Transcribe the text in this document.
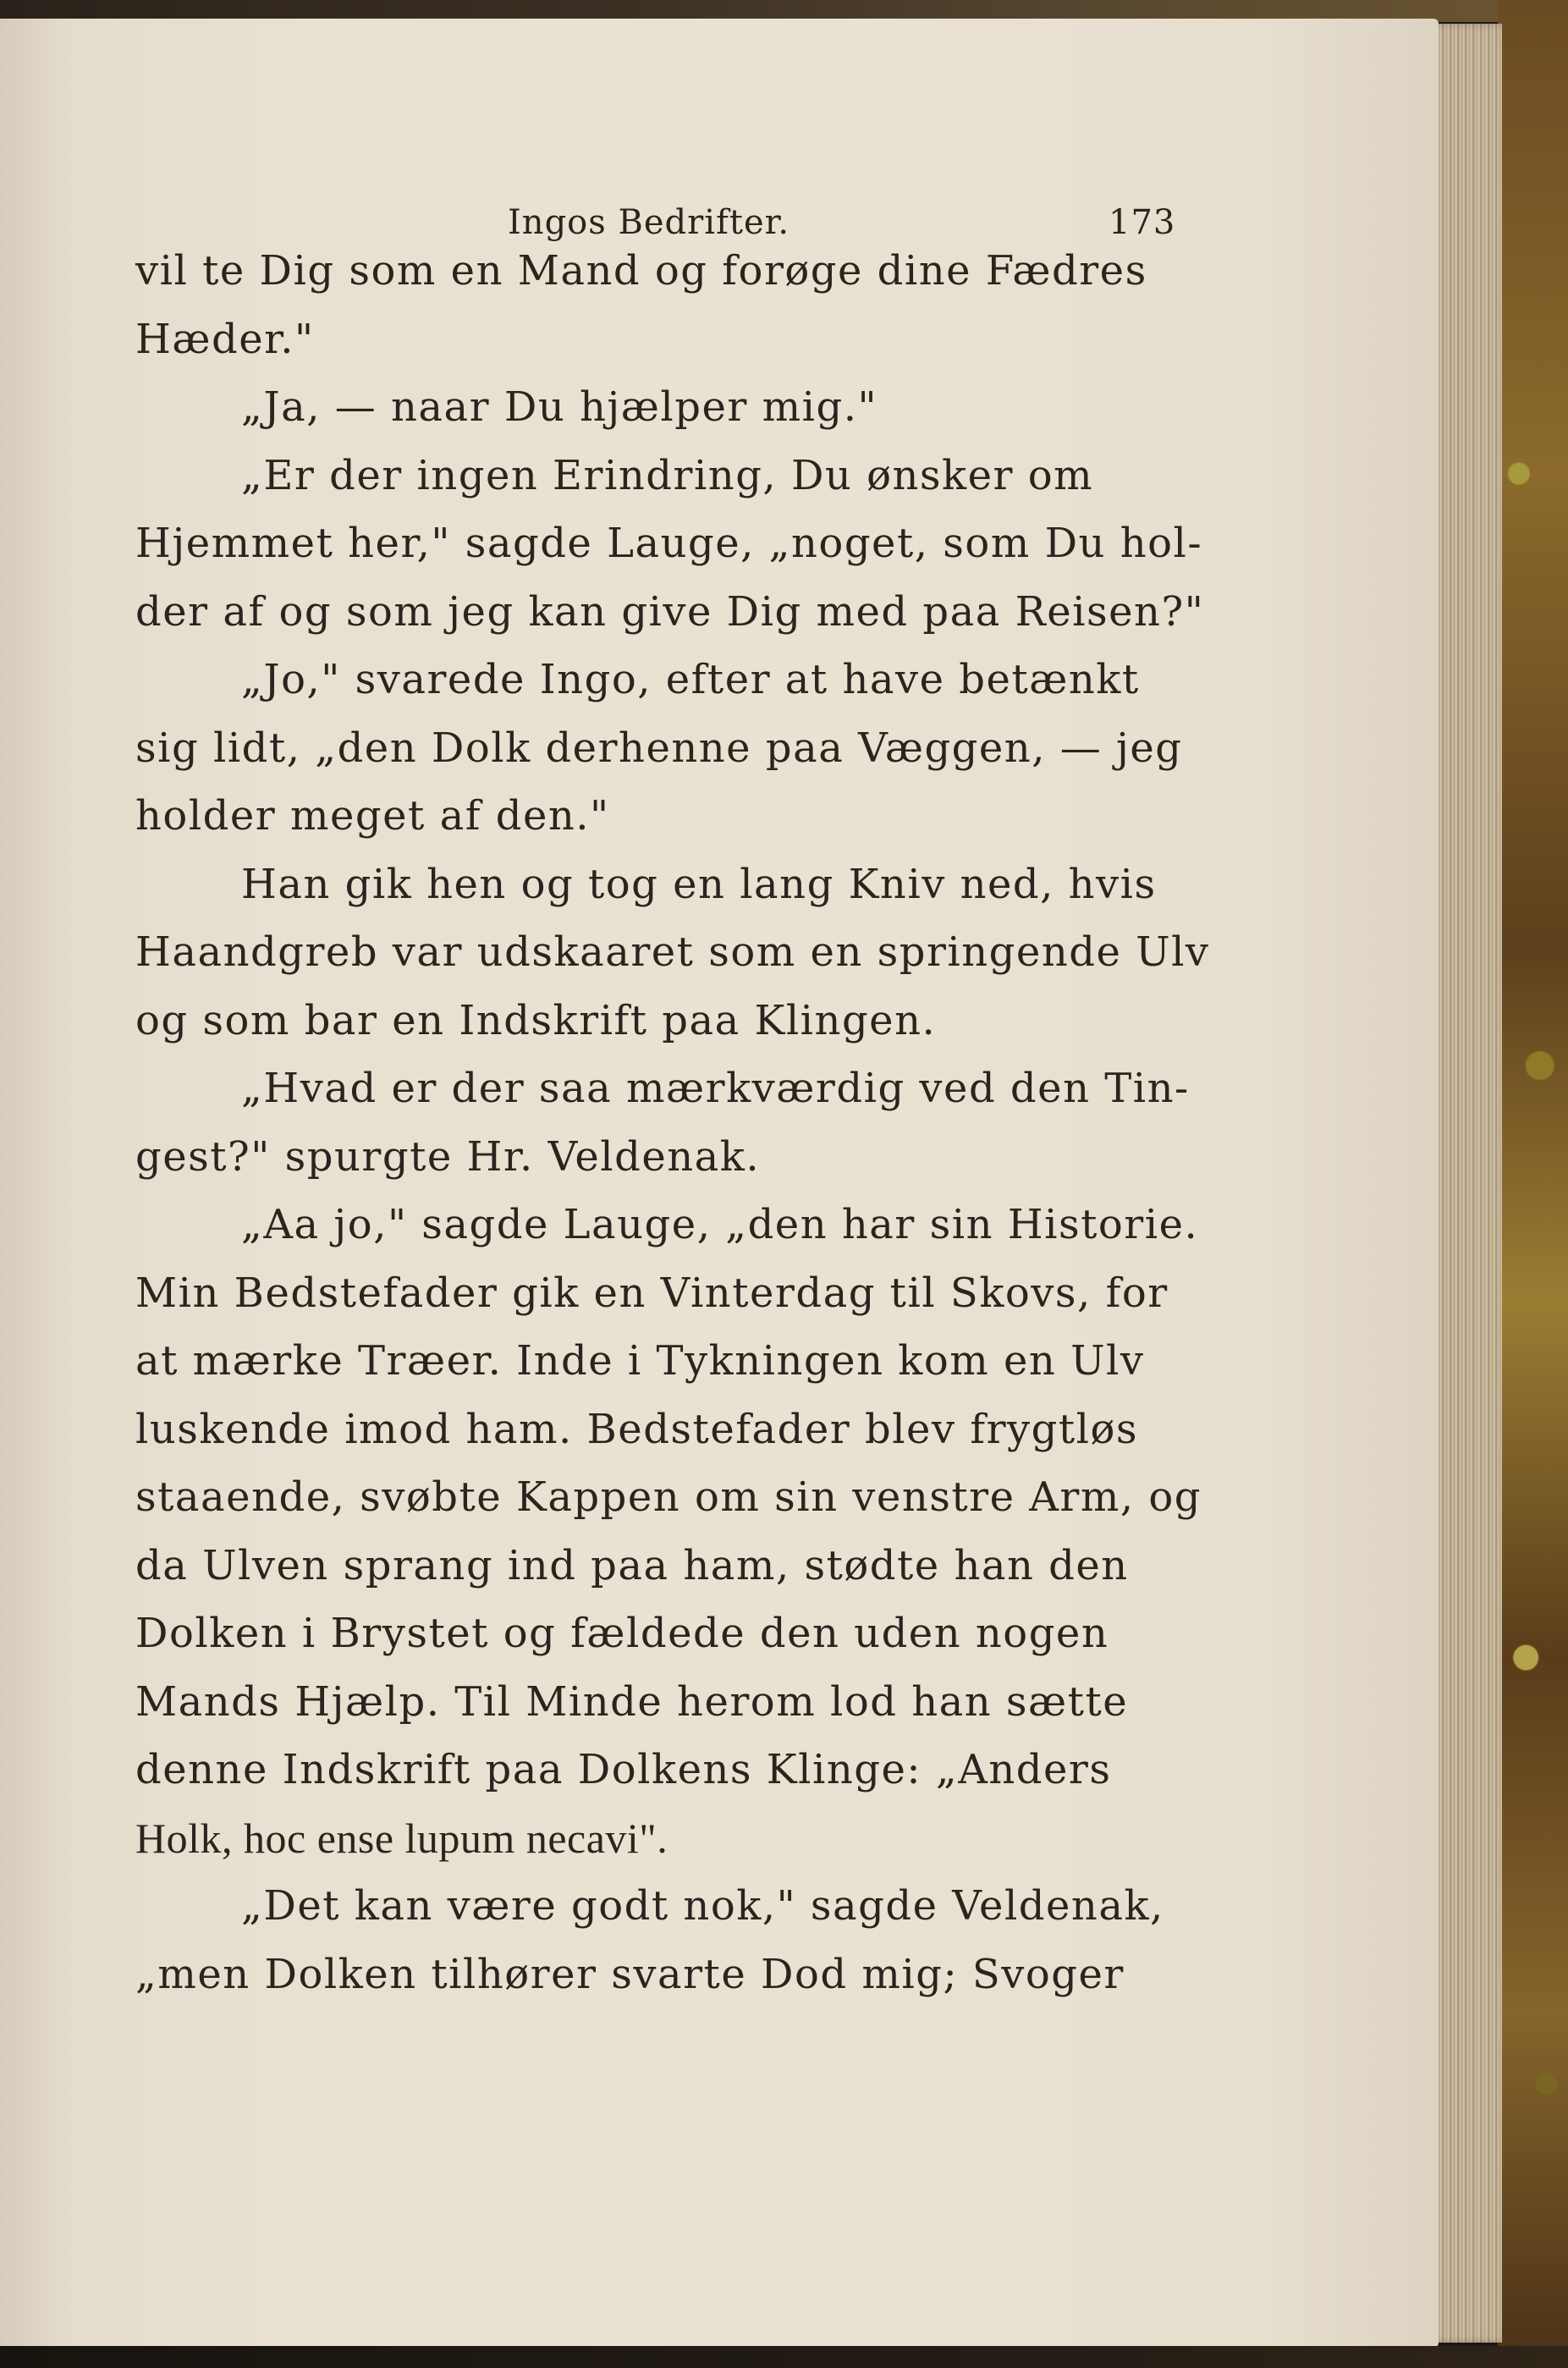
Ingos Bedrifter.	173
vil te Dig som en Mand og forøge dine Fædres
Hæder."
„Ja, — naar Du hjælper mig."
„Er der ingen Erindring, Du ønsker om
Hjemmet her," sagde Lauge, „noget, som Du hol-
der af og som jeg kan give Dig med paa Reisen?"
„Jo," svarede Ingo, efter at have betænkt
sig lidt, „den Dolk derhenne paa Væggen, — jeg
holder meget af den."
Han gik hen og tog en lang Kniv ned, hvis
Haandgreb var udskaaret som en springende Ulv
og som bar en Indskrift paa Klingen.
„Hvad er der saa mærkværdig ved den Tin-
gest?" spurgte Hr. Veldenak.
„Aa jo," sagde Lauge, „den har sin Historie.
Min Bedstefader gik en Vinterdag til Skovs, for
at mærke Træer. Inde i Tykningen kom en Ulv
luskende imod ham. Bedstefader blev frygtløs
staaende, svøbte Kappen om sin venstre Arm, og
da Ulven sprang ind paa ham, stødte han den
Dolken i Brystet og fældede den uden nogen
Mands Hjælp. Til Minde herom lod han sætte
denne Indskrift paa Dolkens Klinge: „Anders
Holk, hoc ense lupum necavi".
„Det kan være godt nok," sagde Veldenak,
„men Dolken tilhører svarte Dod mig; Svoger
